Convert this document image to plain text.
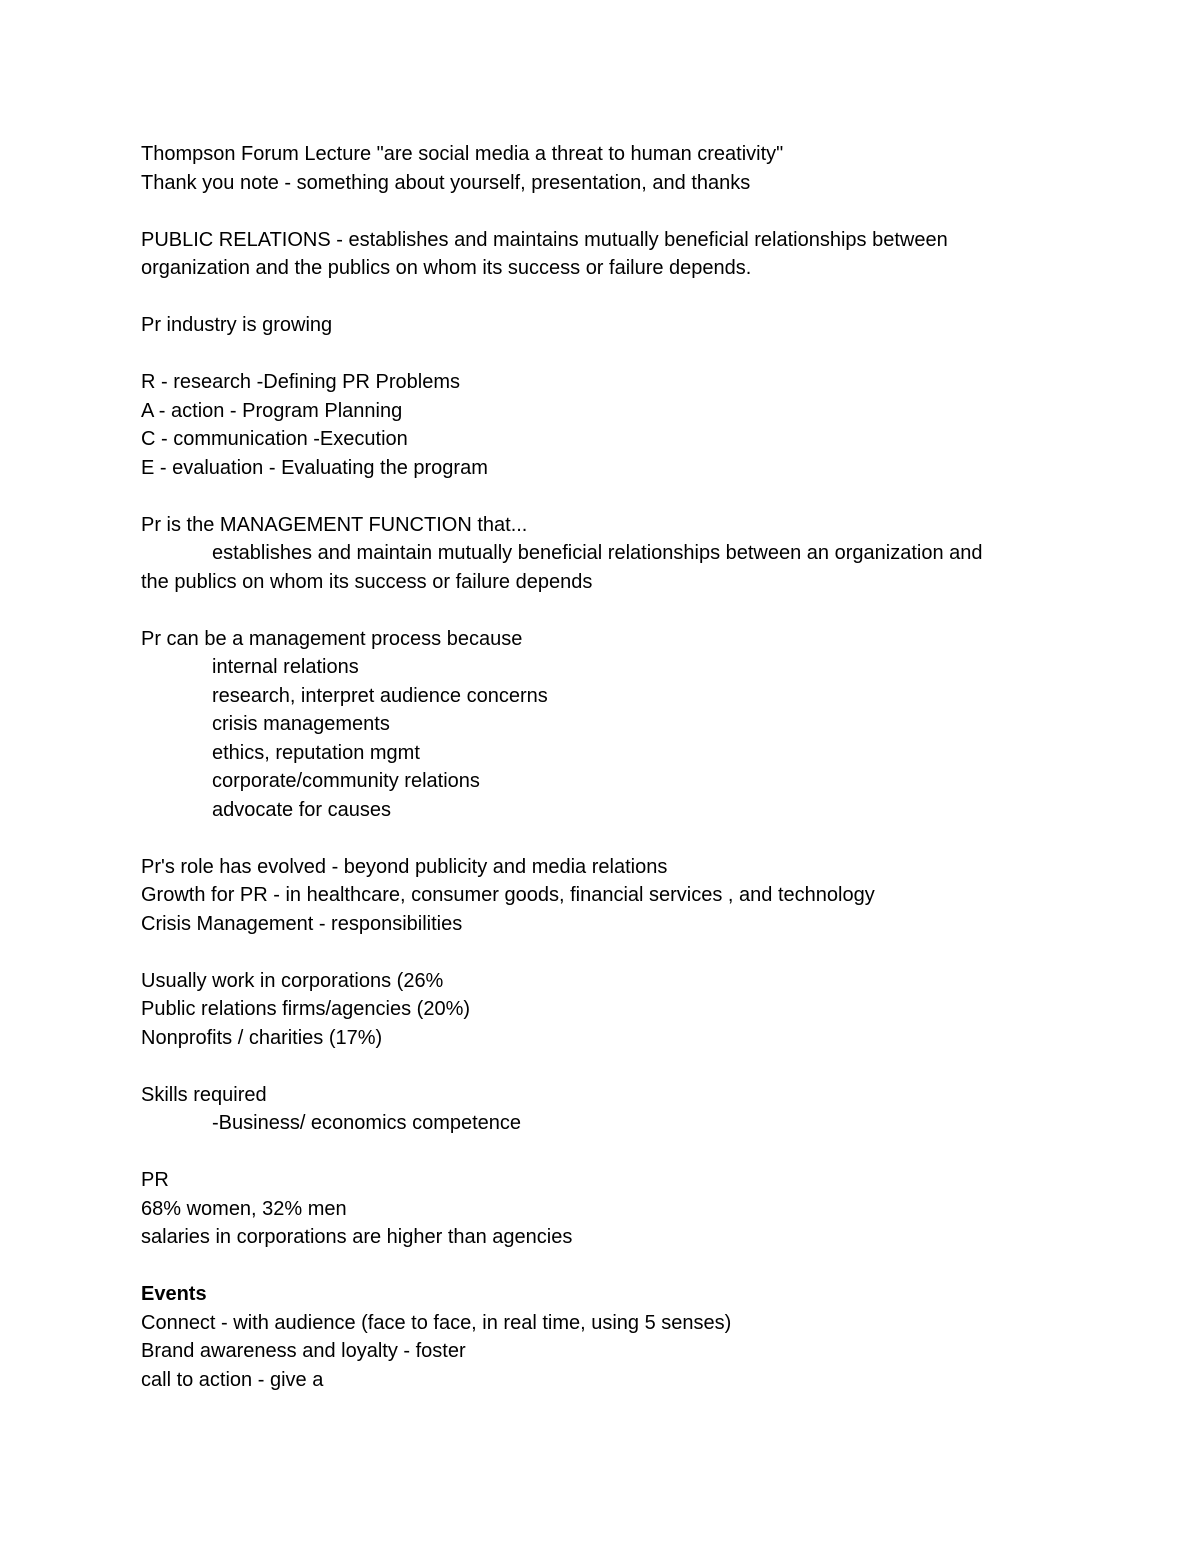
Thompson Forum Lecture "are social media a threat to human creativity"

Thank you note - something about yourself, presentation, and thanks

PUBLIC RELATIONS - establishes and maintains mutually beneficial relationships between

organization and the publics on whom its success or failure depends.

Pr industry is growing

R - research -Defining PR Problems

A - action - Program Planning

C - communication -Execution

E - evaluation - Evaluating the program

Pr is the MANAGEMENT FUNCTION that...

establishes and maintain mutually beneficial relationships between an organization and

the publics on whom its success or failure depends

Pr can be a management process because

internal relations

research, interpret audience concerns

crisis managements

ethics, reputation mgmt

corporate/community relations

advocate for causes

Pr's role has evolved - beyond publicity and media relations

Growth for PR - in healthcare, consumer goods, financial services , and technology

Crisis Management - responsibilities

Usually work in corporations (26%

Public relations firms/agencies (20%)

Nonprofits / charities (17%)

Skills required

-Business/ economics competence

PR

68% women, 32% men

salaries in corporations are higher than agencies

Events

Connect - with audience (face to face, in real time, using 5 senses)

Brand awareness and loyalty - foster

call to action - give a
